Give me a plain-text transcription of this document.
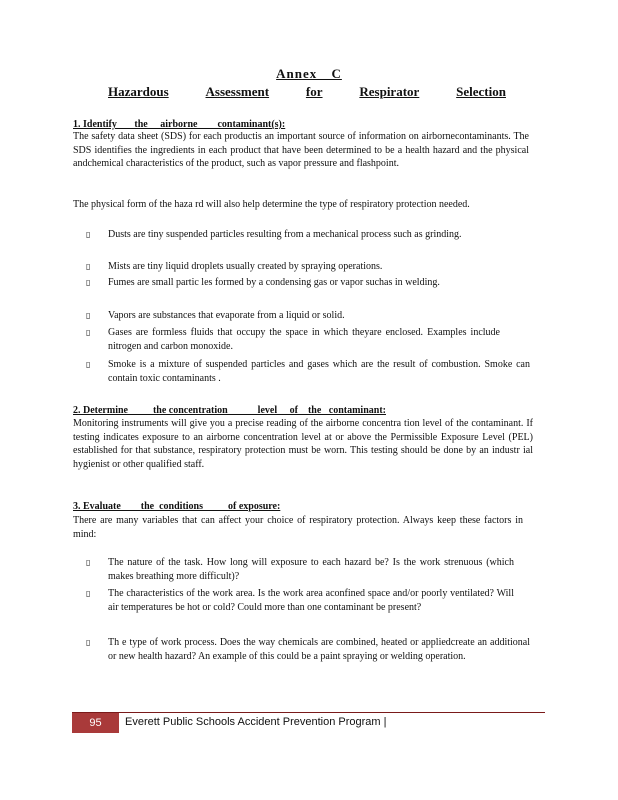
Annex C
Hazardous	Assessment	for	Respirator	Selection
1. Identify       the     airborne        contaminant(s):
The safety data sheet (SDS) for each productis an important source of information on airbornecontaminants. The SDS identifies the ingredients in each product that have been determined to be a health hazard and the physical andchemical characteristics of the product, such as vapor pressure and flashpoint.
The physical form of the haza rd will also help determine the type of respiratory protection needed.
▯ Dusts are tiny suspended particles resulting from a mechanical process such as grinding.
▯ Mists are tiny liquid droplets usually created by spraying operations.
▯ Fumes are small partic les formed by a condensing gas or vapor suchas in welding.
▯ Vapors are substances that evaporate from a liquid or solid.
▯ Gases are formless fluids that occupy the space in which theyare enclosed. Examples include nitrogen and carbon monoxide.
▯ Smoke is a mixture of suspended particles and gases which are the result of combustion. Smoke can contain toxic contaminants .
2. Determine          the concentration            level     of    the   contaminant:
Monitoring instruments will give you a precise reading of the airborne concentra tion level of the contaminant. If testing indicates exposure to an airborne concentration level at or above the Permissible Exposure Level (PEL) established for that substance, respiratory protection must be worn. This testing should be done by an industr ial hygienist or other qualified staff.
3. Evaluate        the  conditions          of exposure:
There are many variables that can affect your choice of respiratory protection. Always keep these factors in mind:
▯ The nature of the task. How long will exposure to each hazard be? Is the work strenuous (which makes breathing more difficult)?
▯ The characteristics of the work area. Is the work area aconfined space and/or poorly ventilated? Will air temperatures be hot or cold? Could more than one contaminant be present?
▯ Th e type of work process. Does the way chemicals are combined, heated or appliedcreate an additional or new health hazard? An example of this could be a paint spraying or welding operation.
95	Everett Public Schools Accident Prevention Program |
